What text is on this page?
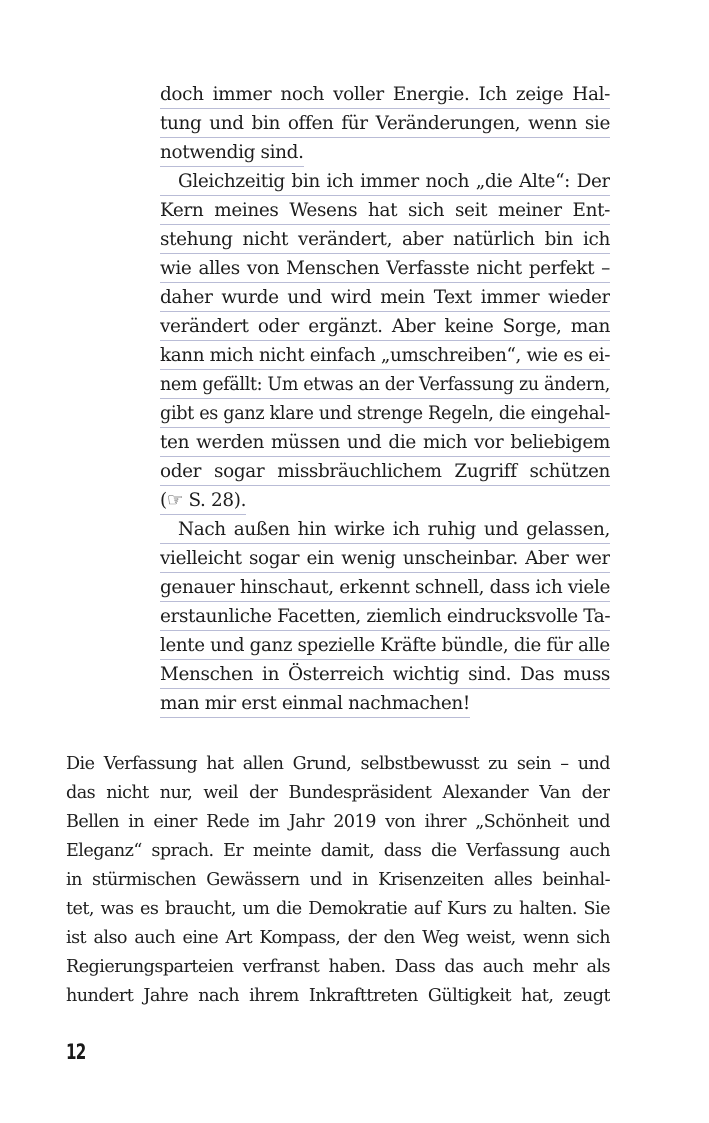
doch immer noch voller Energie. Ich zeige Hal-
tung und bin offen für Veränderungen, wenn sie
notwendig sind.
Gleichzeitig bin ich immer noch „die Alte“: Der
Kern meines Wesens hat sich seit meiner Ent-
stehung nicht verändert, aber natürlich bin ich
wie alles von Menschen Verfasste nicht perfekt –
daher wurde und wird mein Text immer wieder
verändert oder ergänzt. Aber keine Sorge, man
kann mich nicht einfach „umschreiben“, wie es ei-
nem gefällt: Um etwas an der Verfassung zu ändern,
gibt es ganz klare und strenge Regeln, die eingehal-
ten werden müssen und die mich vor beliebigem
oder sogar missbräuchlichem Zugriff schützen
(☞ S. 28).
Nach außen hin wirke ich ruhig und gelassen,
vielleicht sogar ein wenig unscheinbar. Aber wer
genauer hinschaut, erkennt schnell, dass ich viele
erstaunliche Facetten, ziemlich eindrucksvolle Ta-
lente und ganz spezielle Kräfte bündle, die für alle
Menschen in Österreich wichtig sind. Das muss
man mir erst einmal nachmachen!
Die Verfassung hat allen Grund, selbstbewusst zu sein – und
das nicht nur, weil der Bundespräsident Alexander Van der
Bellen in einer Rede im Jahr 2019 von ihrer „Schönheit und
Eleganz“ sprach. Er meinte damit, dass die Verfassung auch
in stürmischen Gewässern und in Krisenzeiten alles beinhal-
tet, was es braucht, um die Demokratie auf Kurs zu halten. Sie
ist also auch eine Art Kompass, der den Weg weist, wenn sich
Regierungsparteien verfranst haben. Dass das auch mehr als
hundert Jahre nach ihrem Inkrafttreten Gültigkeit hat, zeugt
12
